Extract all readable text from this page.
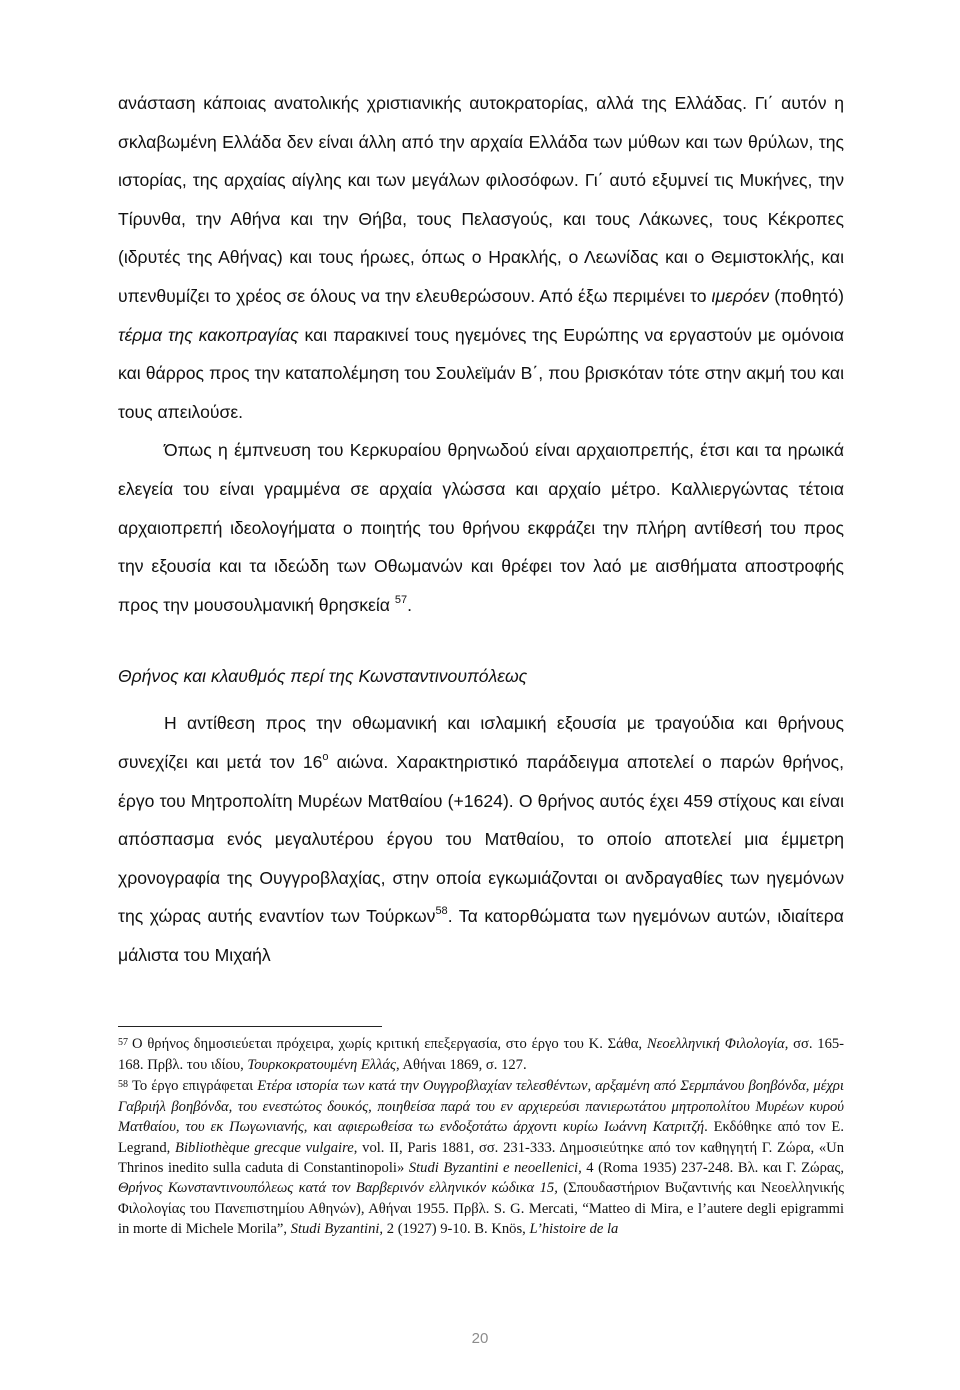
ανάσταση κάποιας ανατολικής χριστιανικής αυτοκρατορίας, αλλά της Ελλάδας. Γι΄ αυτόν η σκλαβωμένη Ελλάδα δεν είναι άλλη από την αρχαία Ελλάδα των μύθων και των θρύλων, της ιστορίας, της αρχαίας αίγλης και των μεγάλων φιλοσόφων. Γι΄ αυτό εξυμνεί τις Μυκήνες, την Τίρυνθα, την Αθήνα και την Θήβα, τους Πελασγούς, και τους Λάκωνες, τους Κέκροπες (ιδρυτές της Αθήνας) και τους ήρωες, όπως ο Ηρακλής, ο Λεωνίδας και ο Θεμιστοκλής, και υπενθυμίζει το χρέος σε όλους να την ελευθερώσουν. Από έξω περιμένει το ιμερόεν (ποθητό) τέρμα της κακοπραγίας και παρακινεί τους ηγεμόνες της Ευρώπης να εργαστούν με ομόνοια και θάρρος προς την καταπολέμηση του Σουλεϊμάν Β΄, που βρισκόταν τότε στην ακμή του και τους απειλούσε.

Όπως η έμπνευση του Κερκυραίου θρηνωδού είναι αρχαιοπρεπής, έτσι και τα ηρωικά ελεγεία του είναι γραμμένα σε αρχαία γλώσσα και αρχαίο μέτρο. Καλλιεργώντας τέτοια αρχαιοπρεπή ιδεολογήματα ο ποιητής του θρήνου εκφράζει την πλήρη αντίθεσή του προς την εξουσία και τα ιδεώδη των Οθωμανών και θρέφει τον λαό με αισθήματα αποστροφής προς την μουσουλμανική θρησκεία $^{57}$.

Θρήνος και κλαυθμός περί της Κωνσταντινουπόλεως

Η αντίθεση προς την οθωμανική και ισλαμική εξουσία με τραγούδια και θρήνους συνεχίζει και μετά τον $16^o$ αιώνα. Χαρακτηριστικό παράδειγμα αποτελεί ο παρών θρήνος, έργο του Μητροπολίτη Μυρέων Ματθαίου (+1624). Ο θρήνος αυτός έχει 459 στίχους και είναι απόσπασμα ενός μεγαλυτέρου έργου του Ματθαίου, το οποίο αποτελεί μια έμμετρη χρονογραφία της Ουγγροβλαχίας, στην οποία εγκωμιάζονται οι ανδραγαθίες των ηγεμόνων της χώρας αυτής εναντίον των Τούρκων$^{58}$. Τα κατορθώματα των ηγεμόνων αυτών, ιδιαίτερα μάλιστα του Μιχαήλ

$^{57}$ Ο θρήνος δημοσιεύεται πρόχειρα, χωρίς κριτική επεξεργασία, στο έργο του Κ. Σάθα, Νεοελληνική Φιλολογία, σσ. 165-168. Πρβλ. του ιδίου, Τουρκοκρατουμένη Ελλάς, Αθήναι 1869, σ. 127.

$^{58}$ Το έργο επιγράφεται Ετέρα ιστορία των κατά την Ουγγροβλαχίαν τελεσθέντων, αρξαμένη από Σερμπάνου βοηβόνδα, μέχρι Γαβριήλ βοηβόνδα, του ενεστώτος δουκός, ποιηθείσα παρά του εν αρχιερεύσι πανιερωτάτου μητροπολίτου Μυρέων κυρού Ματθαίου, του εκ Πωγωνιανής, και αφιερωθείσα τω ενδοξοτάτω άρχοντι κυρίω Ιωάννη Κατριτζή. Εκδόθηκε από τον E. Legrand, Bibliothèque grecque vulgaire, vol. II, Paris 1881, σσ. 231-333. Δημοσιεύτηκε από τον καθηγητή Γ. Ζώρα, «Un Thrinos inedito sulla caduta di Constantinopoli» Studi Byzantini e neoellenici, 4 (Roma 1935) 237-248. Βλ. και Γ. Ζώρας, Θρήνος Κωνσταντινουπόλεως κατά τον Βαρβερινόν ελληνικόν κώδικα 15, (Σπουδαστήριον Βυζαντινής και Νεοελληνικής Φιλολογίας του Πανεπιστημίου Αθηνών), Αθήναι 1955. Πρβλ. S. G. Mercati, “Matteo di Mira, e l’autere degli epigrammi in morte di Michele Morila”, Studi Byzantini, 2 (1927) 9-10. B. Knös, L’histoire de la

20
